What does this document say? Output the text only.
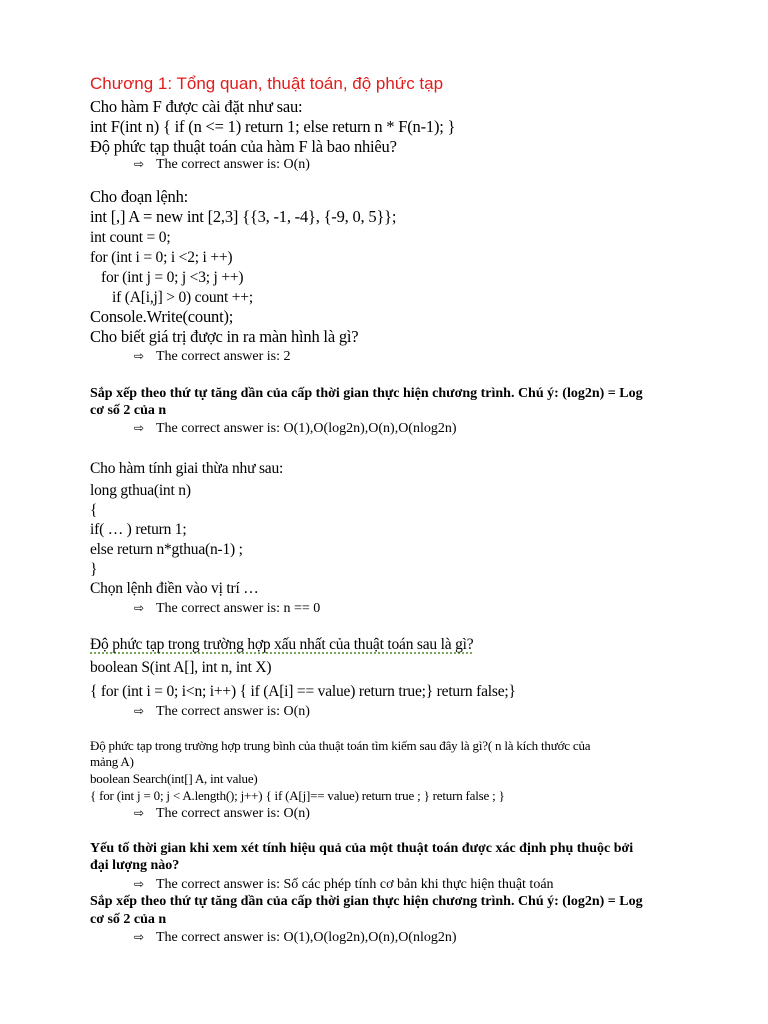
Chương 1: Tổng quan, thuật toán, độ phức tạp
Cho hàm F được cài đặt như sau:
int F(int n) { if (n <= 1) return 1; else return n * F(n-1); }
Độ phức tạp thuật toán của hàm F là bao nhiêu?
⇨ The correct answer is: O(n)
Cho đoạn lệnh:
int [,] A = new int [2,3] {{3, -1, -4}, {-9, 0, 5}};
int count = 0;
for (int i = 0; i <2; i ++)
for (int j = 0; j <3; j ++)
if (A[i,j] > 0) count ++;
Console.Write(count);
Cho biết giá trị được in ra màn hình là gì?
⇨ The correct answer is: 2
Sắp xếp theo thứ tự tăng dần của cấp thời gian thực hiện chương trình. Chú ý: (log2n) = Log
cơ số 2 của n
⇨ The correct answer is: O(1),O(log2n),O(n),O(nlog2n)
Cho hàm tính giai thừa như sau:
long gthua(int n)
{
if( … ) return 1;
else return n*gthua(n-1) ;
}
Chọn lệnh điền vào vị trí …
⇨ The correct answer is: n == 0
Độ phức tạp trong trường hợp xấu nhất của thuật toán sau là gì?
boolean S(int A[], int n, int X)
{ for (int i = 0; i<n; i++) { if (A[i] == value) return true;} return false;}
⇨ The correct answer is: O(n)
Độ phức tạp trong trường hợp trung bình của thuật toán tìm kiếm sau đây là gì?( n là kích thước của
mảng A)
boolean Search(int[] A, int value)
{ for (int j = 0; j < A.length(); j++) { if (A[j]== value) return true ; } return false ; }
⇨ The correct answer is: O(n)
Yếu tố thời gian khi xem xét tính hiệu quả của một thuật toán được xác định phụ thuộc bởi
đại lượng nào?
⇨ The correct answer is: Số các phép tính cơ bản khi thực hiện thuật toán
Sắp xếp theo thứ tự tăng dần của cấp thời gian thực hiện chương trình. Chú ý: (log2n) = Log
cơ số 2 của n
⇨ The correct answer is: O(1),O(log2n),O(n),O(nlog2n)
